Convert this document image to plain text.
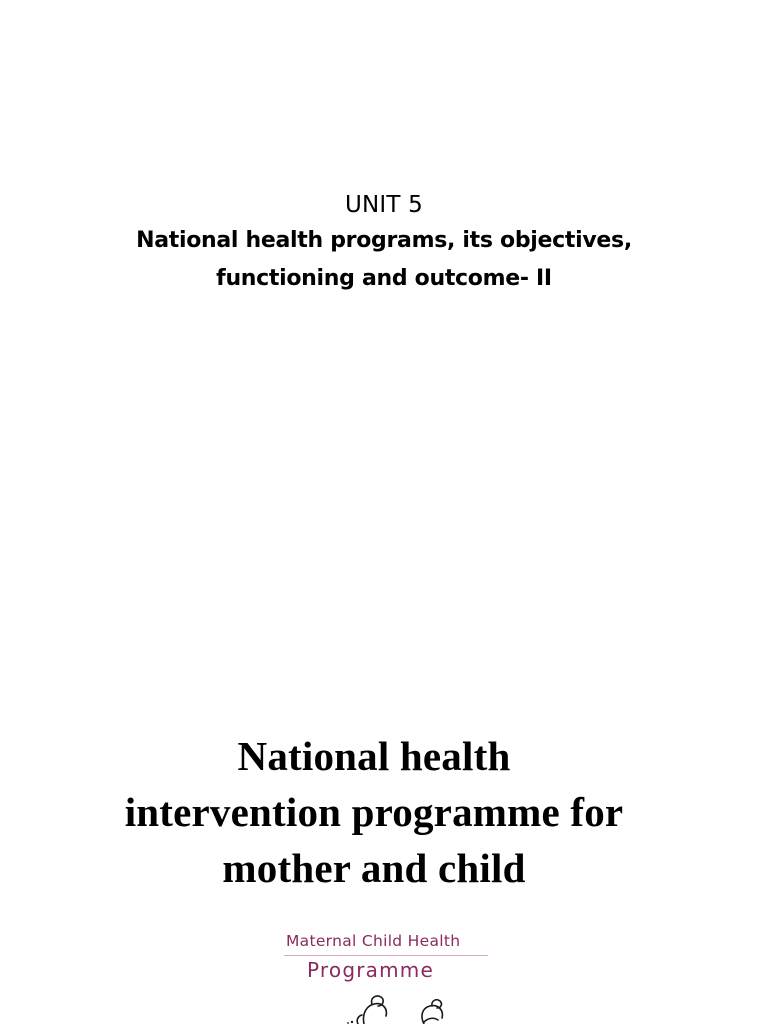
UNIT 5
National health programs, its objectives,
functioning and outcome- II
National health
intervention programme for
mother and child
Maternal Child Health
Programme
